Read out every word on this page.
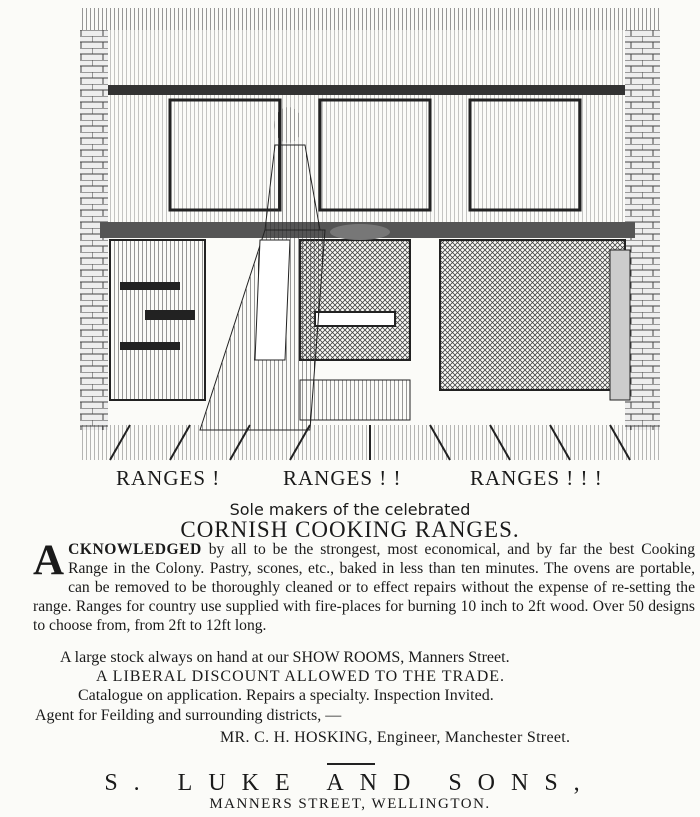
RANGES !	RANGES ! !	RANGES ! ! !
Sole makers of the celebrated
CORNISH COOKING RANGES.
ACKNOWLEDGED by all to be the strongest, most economical, and by far the best Cooking Range in the Colony. Pastry, scones, etc., baked in less than ten minutes. The ovens are portable, can be removed to be thoroughly cleaned or to effect repairs without the expense of re-setting the range. Ranges for country use supplied with fire-places for burning 10 inch to 2ft wood. Over 50 designs to choose from, from 2ft to 12ft long.
A large stock always on hand at our SHOW ROOMS, Manners Street.
A LIBERAL DISCOUNT ALLOWED TO THE TRADE.
Catalogue on application. Repairs a specialty. Inspection Invited.
Agent for Feilding and surrounding districts, —
MR. C. H. HOSKING, Engineer, Manchester Street.
S. LUKE AND SONS,
MANNERS STREET, WELLINGTON.
